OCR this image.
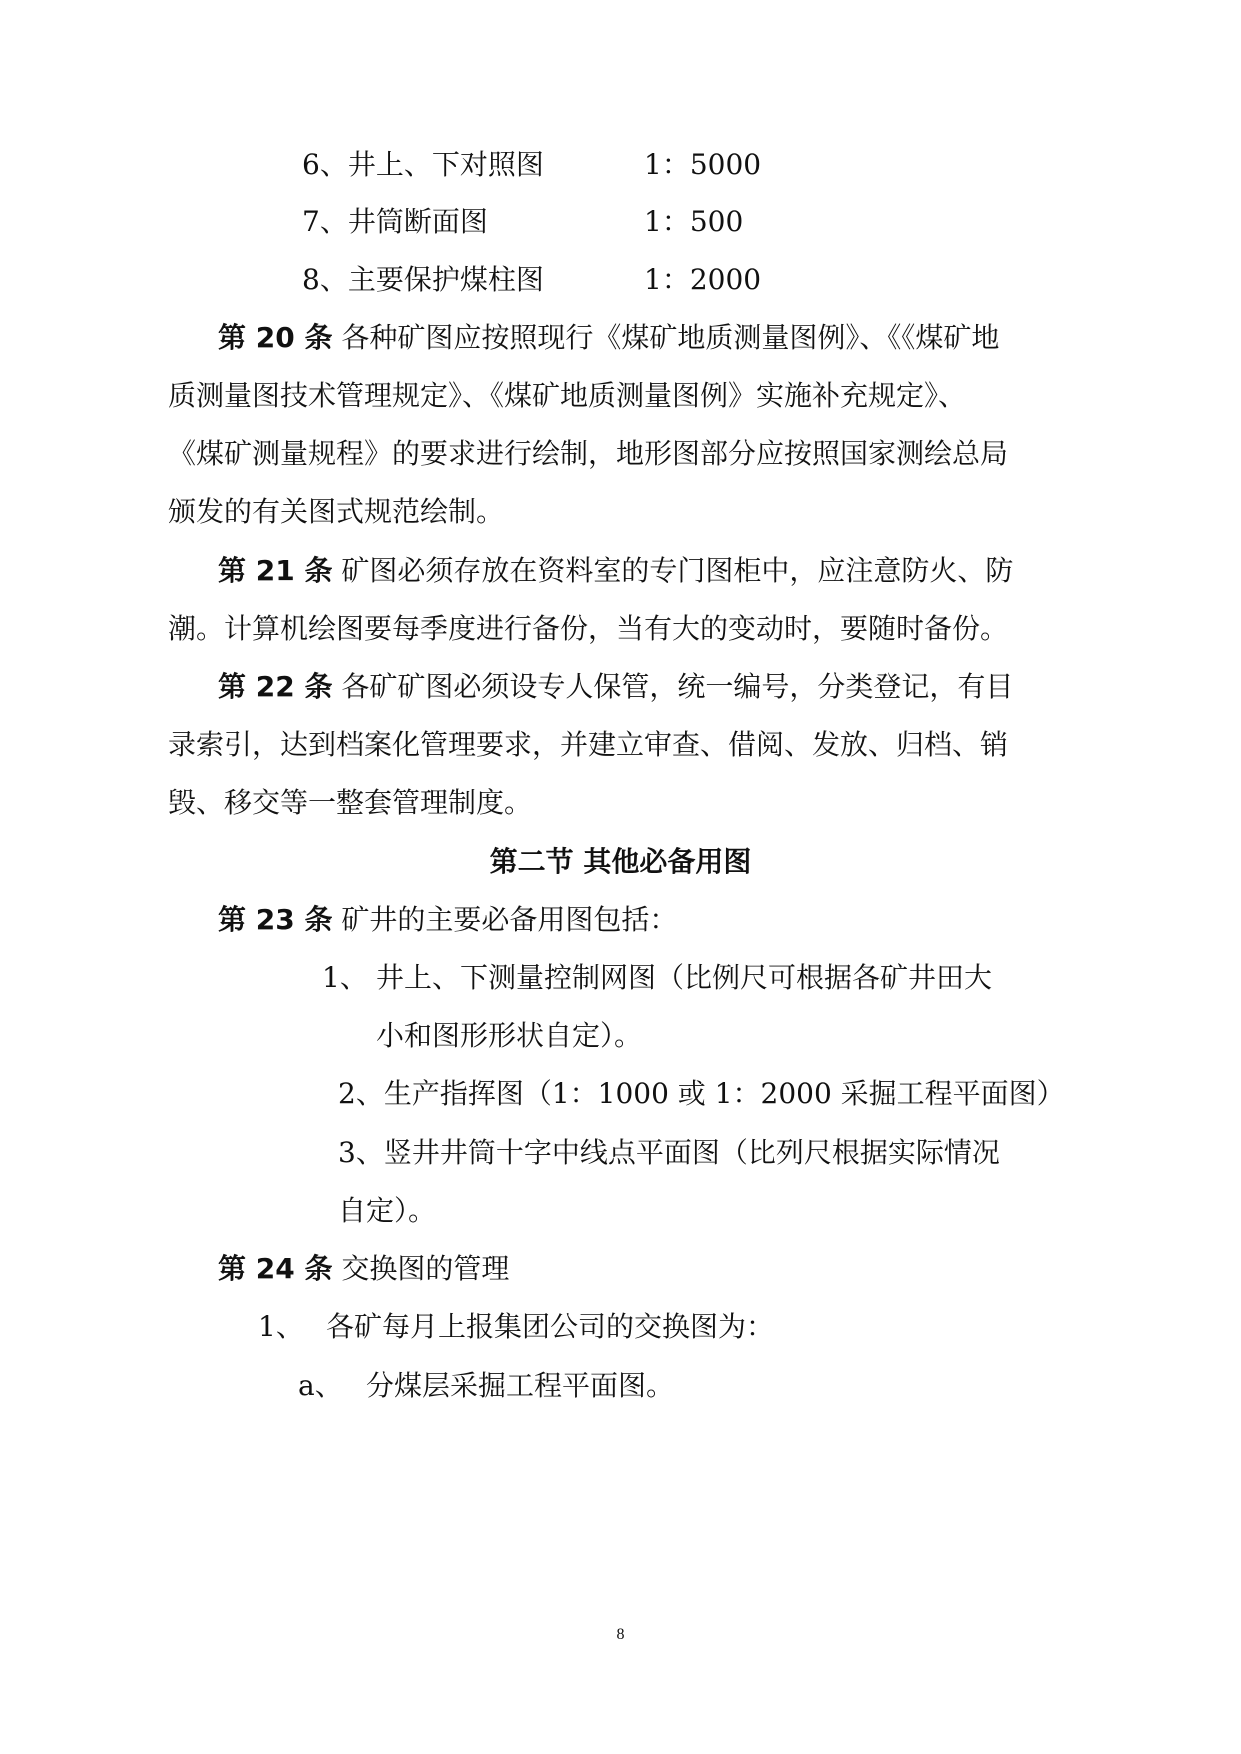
6、井上、下对照图	1：5000
7、井筒断面图	1：500
8、主要保护煤柱图	1：2000
第 20 条 各种矿图应按照现行《煤矿地质测量图例》、《《煤矿地
质测量图技术管理规定》、《煤矿地质测量图例》实施补充规定》、
《煤矿测量规程》的要求进行绘制，地形图部分应按照国家测绘总局
颁发的有关图式规范绘制。
第 21 条 矿图必须存放在资料室的专门图柜中，应注意防火、防
潮。计算机绘图要每季度进行备份，当有大的变动时，要随时备份。
第 22 条 各矿矿图必须设专人保管，统一编号，分类登记，有目
录索引，达到档案化管理要求，并建立审查、借阅、发放、归档、销
毁、移交等一整套管理制度。
第二节 其他必备用图
第 23 条 矿井的主要必备用图包括：
1、 井上、下测量控制网图（比例尺可根据各矿井田大
小和图形形状自定）。
2、生产指挥图（1：1000 或 1：2000 采掘工程平面图）
3、竖井井筒十字中线点平面图（比列尺根据实际情况
自定）。
第 24 条 交换图的管理
1、 各矿每月上报集团公司的交换图为：
a、 分煤层采掘工程平面图。
8
